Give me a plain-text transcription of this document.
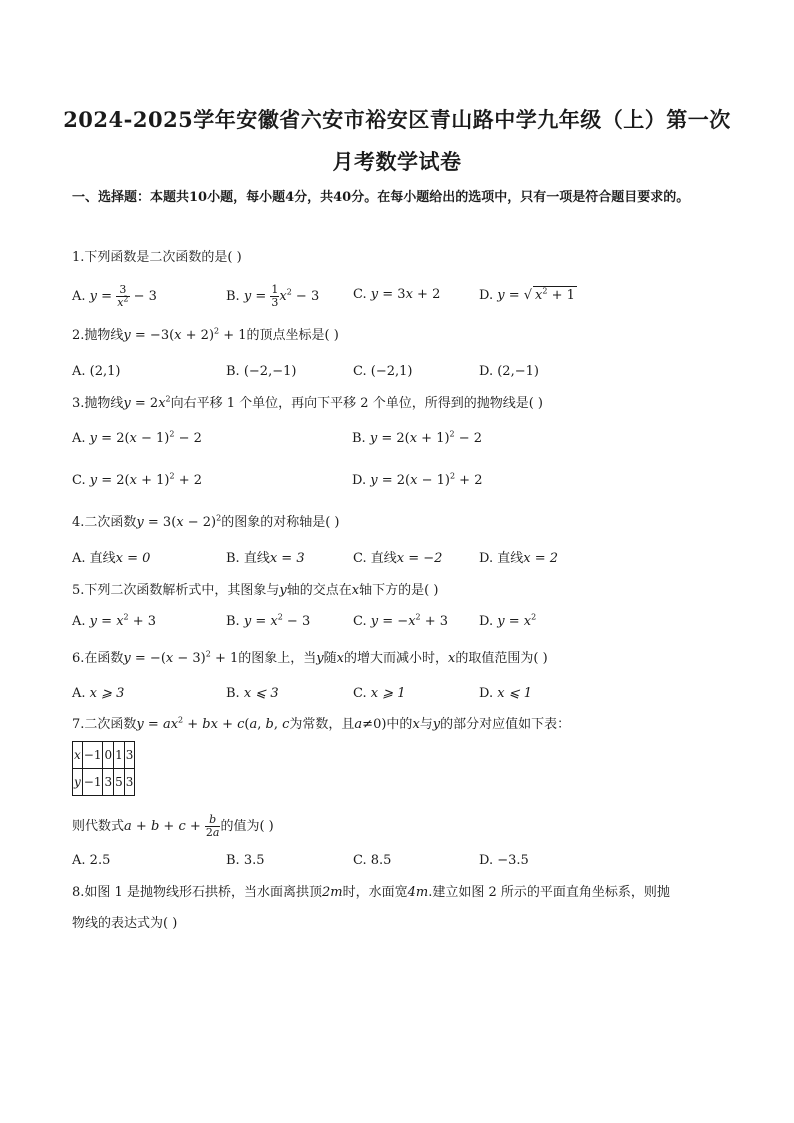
2024-2025学年安徽省六安市裕安区青山路中学九年级（上）第一次
月考数学试卷
一、选择题：本题共10小题，每小题4分，共40分。在每小题给出的选项中，只有一项是符合题目要求的。
1.下列函数是二次函数的是( )
A. $y = \frac{3}{x^2} - 3$	B. $y = \frac{1}{3} x^2 - 3$	C. y = 3x + 2	D. y = √ $x^2 + 1$
2.抛物线$y = -3(x + 2)^2 + 1$的顶点坐标是( )
A. (2,1)	B. (−2,−1)	C. (−2,1)	D. (2,−1)
3.抛物线$y = 2x^2$向右平移 1 个单位，再向下平移 2 个单位，所得到的抛物线是( )
A. $y = 2(x - 1)^2 - 2$	B. $y = 2(x + 1)^2 - 2$
C. $y = 2(x + 1)^2 + 2$	D. $y = 2(x - 1)^2 + 2$
4.二次函数$y = 3(x - 2)^2$的图象的对称轴是( )
A. 直线x = 0	B. 直线x = 3	C. 直线x = −2	D. 直线x = 2
5.下列二次函数解析式中，其图象与y轴的交点在x轴下方的是( )
A. $y = x^2 + 3$	B. $y = x^2 - 3$	C. $y = -x^2 + 3$ D. $y = x^2$
6.在函数$y = -(x - 3)^2 + 1$的图象上，当y随x的增大而减小时，x的取值范围为( )
A. x ⩾ 3	B. x ⩽ 3	C. x ⩾ 1	D. x ⩽ 1
7.二次函数$y = ax^2$ + bx + c(a, b, c为常数，且a≠0)中的x与y的部分对应值如下表：
x	−1	0	1	3
y	−1	3	5	3
则代数式$a + b + c + \frac{b}{2a}$ 的值为( )
A. 2.5	B. 3.5	C. 8.5	D. −3.5
8.如图 1 是抛物线形石拱桥，当水面离拱顶2m时，水面宽4m.建立如图 2 所示的平面直角坐标系，则抛
物线的表达式为( )
